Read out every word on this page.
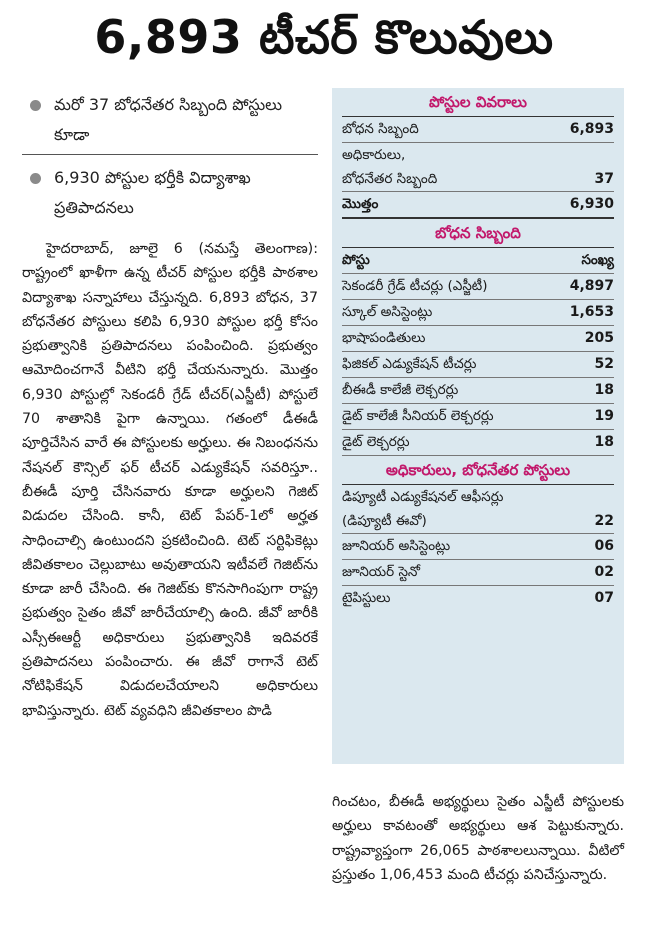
6,893 టీచర్ కొలువులు
మరో 37 బోధనేతర సిబ్బంది పోస్టులు కూడా
6,930 పోస్టుల భర్తీకి విద్యాశాఖ ప్రతిపాదనలు

హైదరాబాద్, జూలై 6 (నమస్తే తెలంగాణ): రాష్ట్రంలో ఖాళీగా ఉన్న టీచర్ పోస్టుల భర్తీకి పాఠశాల విద్యాశాఖ సన్నాహాలు చేస్తున్నది. 6,893 బోధన, 37 బోధనేతర పోస్టులు కలిపి 6,930 పోస్టుల భర్తీ కోసం ప్రభుత్వానికి ప్రతిపాదనలు పంపించింది. ప్రభుత్వం ఆమోదించగానే వీటిని భర్తీ చేయనున్నారు. మొత్తం 6,930 పోస్టుల్లో సెకండరీ గ్రేడ్ టీచర్(ఎస్జీటీ) పోస్టులే 70 శాతానికి పైగా ఉన్నాయి. గతంలో డీఈడీ పూర్తిచేసిన వారే ఈ పోస్టులకు అర్హులు. ఈ నిబంధనను నేషనల్ కౌన్సిల్ ఫర్ టీచర్ ఎడ్యుకేషన్ సవరిస్తూ.. బీఈడీ పూర్తి చేసినవారు కూడా అర్హులని గెజిట్ విడుదల చేసింది. కానీ, టెట్ పేపర్-1లో అర్హత సాధించాల్సి ఉంటుందని ప్రకటించింది. టెట్ సర్టిఫికెట్లు జీవితకాలం చెల్లుబాటు అవుతాయని ఇటీవలే గెజిట్‌ను కూడా జారీ చేసింది. ఈ గెజిట్‌కు కొనసాగింపుగా రాష్ట్ర ప్రభుత్వం సైతం జీవో జారీచేయాల్సి ఉంది. జీవో జారీకి ఎస్సీఈఆర్టీ అధికారులు ప్రభుత్వానికి ఇదివరకే ప్రతిపాదనలు పంపించారు. ఈ జీవో రాగానే టెట్ నోటిఫికేషన్ విడుదలచేయాలని అధికారులు భావిస్తున్నారు. టెట్ వ్యవధిని జీవితకాలం పొడి

పోస్టుల వివరాలు
బోధన సిబ్బంది	6,893
అధికారులు,
బోధనేతర సిబ్బంది	37
మొత్తం	6,930
బోధన సిబ్బంది
పోస్టు	సంఖ్య
సెకండరీ గ్రేడ్ టీచర్లు (ఎస్జీటీ)	4,897
స్కూల్ అసిస్టెంట్లు	1,653
భాషాపండితులు	205
ఫిజికల్ ఎడ్యుకేషన్ టీచర్లు	52
బీఈడీ కాలేజీ లెక్చరర్లు	18
డైట్ కాలేజీ సీనియర్ లెక్చరర్లు	19
డైట్ లెక్చరర్లు	18
అధికారులు, బోధనేతర పోస్టులు
డిప్యూటీ ఎడ్యుకేషనల్ ఆఫీసర్లు
(డిప్యూటీ ఈవో)	22
జూనియర్ అసిస్టెంట్లు	06
జూనియర్ స్టెనో	02
టైపిస్టులు	07

గించటం, బీఈడీ అభ్యర్థులు సైతం ఎస్జీటీ పోస్టులకు అర్హులు కావటంతో అభ్యర్థులు ఆశ పెట్టుకున్నారు. రాష్ట్రవ్యాప్తంగా 26,065 పాఠశాలలున్నాయి. వీటిలో ప్రస్తుతం 1,06,453 మంది టీచర్లు పనిచేస్తున్నారు.
